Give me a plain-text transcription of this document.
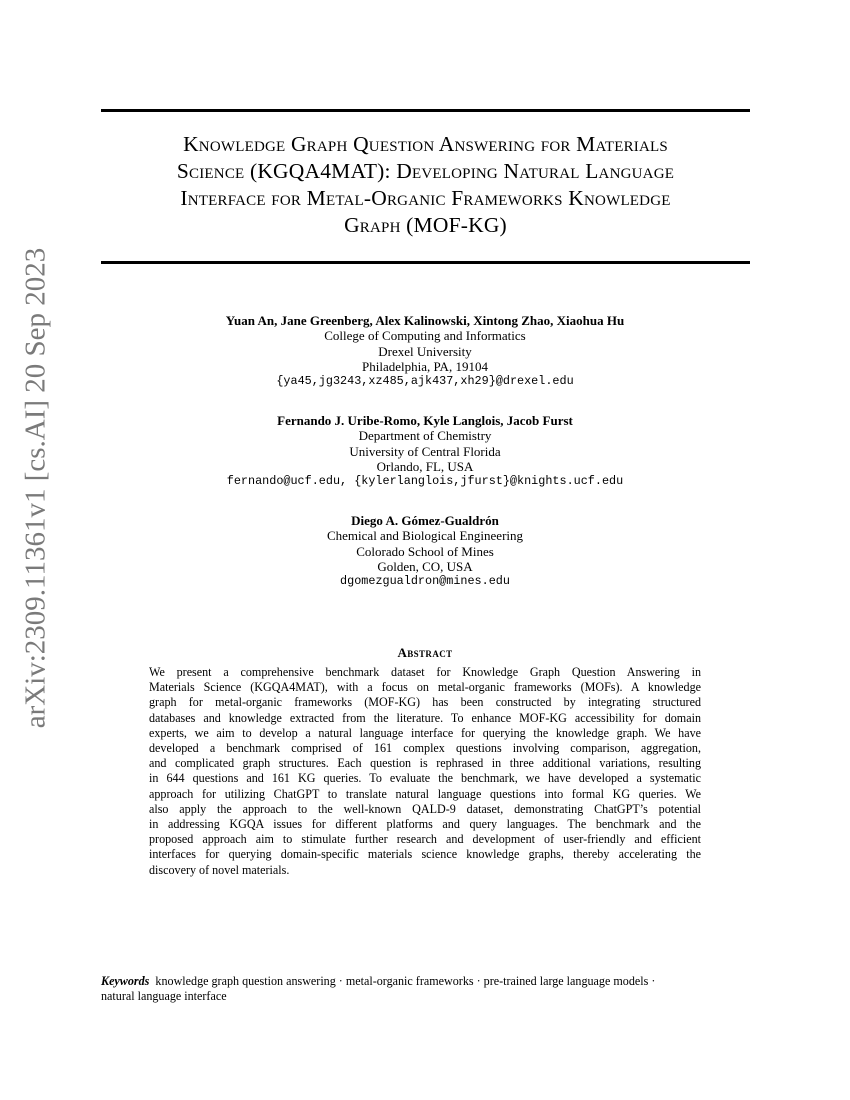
arXiv:2309.11361v1 [cs.AI] 20 Sep 2023
Knowledge Graph Question Answering for Materials
Science (KGQA4MAT): Developing Natural Language
Interface for Metal-Organic Frameworks Knowledge
Graph (MOF-KG)
Yuan An, Jane Greenberg, Alex Kalinowski, Xintong Zhao, Xiaohua Hu
College of Computing and Informatics
Drexel University
Philadelphia, PA, 19104
{ya45,jg3243,xz485,ajk437,xh29}@drexel.edu
Fernando J. Uribe-Romo, Kyle Langlois, Jacob Furst
Department of Chemistry
University of Central Florida
Orlando, FL, USA
fernando@ucf.edu, {kylerlanglois,jfurst}@knights.ucf.edu
Diego A. Gómez-Gualdrón
Chemical and Biological Engineering
Colorado School of Mines
Golden, CO, USA
dgomezgualdron@mines.edu
Abstract
We present a comprehensive benchmark dataset for Knowledge Graph Question Answering in
Materials Science (KGQA4MAT), with a focus on metal-organic frameworks (MOFs). A knowledge
graph for metal-organic frameworks (MOF-KG) has been constructed by integrating structured
databases and knowledge extracted from the literature. To enhance MOF-KG accessibility for domain
experts, we aim to develop a natural language interface for querying the knowledge graph. We have
developed a benchmark comprised of 161 complex questions involving comparison, aggregation,
and complicated graph structures. Each question is rephrased in three additional variations, resulting
in 644 questions and 161 KG queries. To evaluate the benchmark, we have developed a systematic
approach for utilizing ChatGPT to translate natural language questions into formal KG queries. We
also apply the approach to the well-known QALD-9 dataset, demonstrating ChatGPT’s potential
in addressing KGQA issues for different platforms and query languages. The benchmark and the
proposed approach aim to stimulate further research and development of user-friendly and efficient
interfaces for querying domain-specific materials science knowledge graphs, thereby accelerating the
discovery of novel materials.
Keywords knowledge graph question answering · metal-organic frameworks · pre-trained large language models ·
natural language interface
